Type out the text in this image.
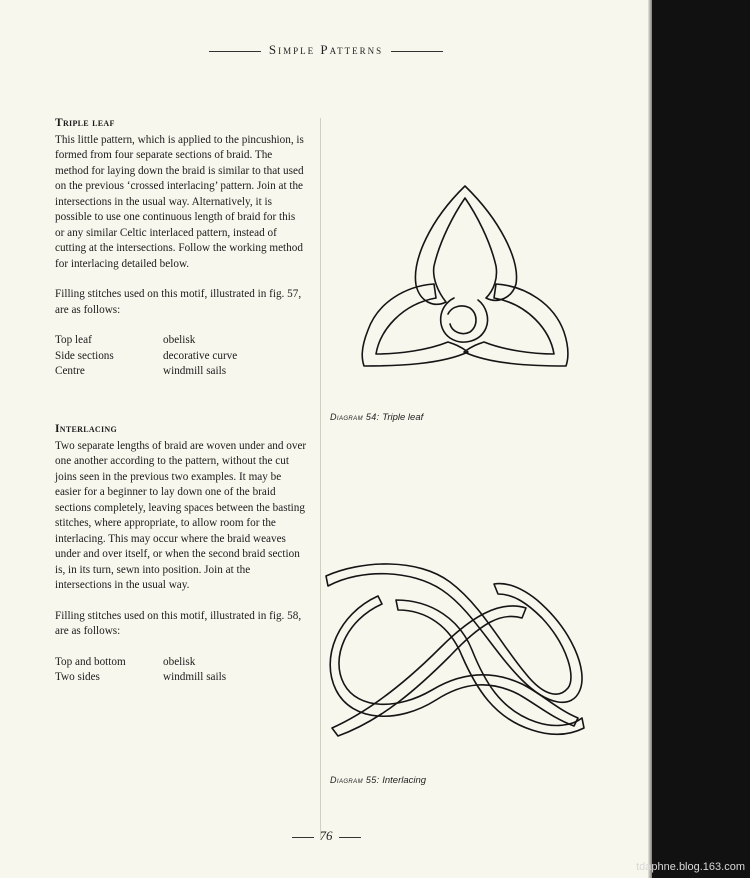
Simple Patterns
Triple leaf

This little pattern, which is applied to the pincushion, is formed from four separate sections of braid. The method for laying down the braid is similar to that used on the previous ‘crossed interlacing’ pattern. Join at the intersections in the usual way. Alternatively, it is possible to use one continuous length of braid for this or any similar Celtic interlaced pattern, instead of cutting at the intersections. Follow the working method for interlacing detailed below.

Filling stitches used on this motif, illustrated in fig. 57, are as follows:

Top leaf	obelisk
Side sections	decorative curve
Centre	windmill sails
Interlacing

Two separate lengths of braid are woven under and over one another according to the pattern, without the cut joins seen in the previous two examples. It may be easier for a beginner to lay down one of the braid sections completely, leaving spaces between the basting stitches, where appropriate, to allow room for the interlacing. This may occur where the braid weaves under and over itself, or when the second braid section is, in its turn, sewn into position. Join at the intersections in the usual way.

Filling stitches used on this motif, illustrated in fig. 58, are as follows:

Top and bottom	obelisk
Two sides	windmill sails
Diagram 54: Triple leaf
Diagram 55: Interlacing
76
tdaphne.blog.163.com
